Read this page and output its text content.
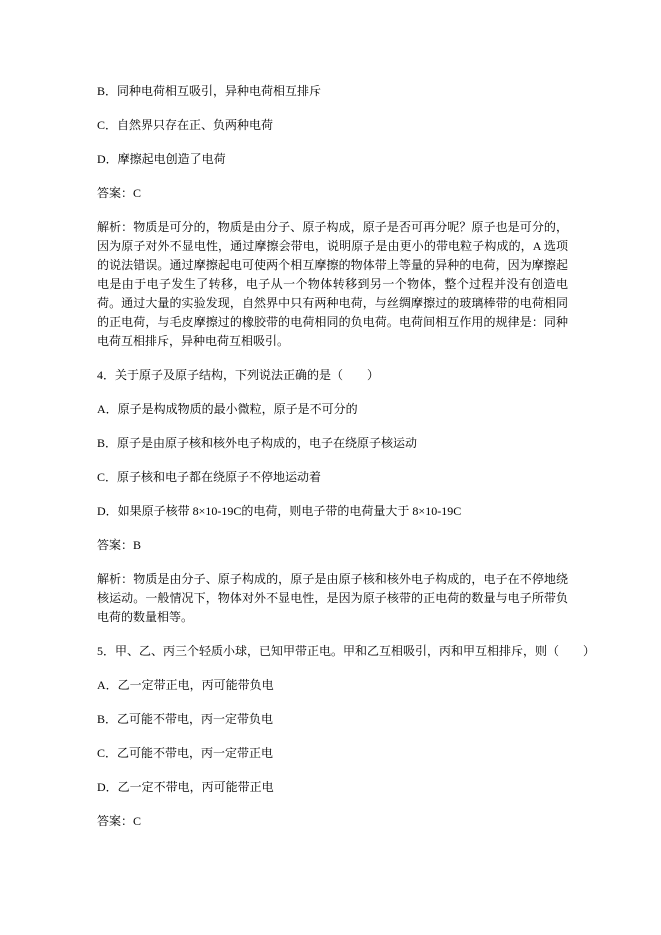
B．同种电荷相互吸引，异种电荷相互排斥
C．自然界只存在正、负两种电荷
D．摩擦起电创造了电荷
答案：C

解析：物质是可分的，物质是由分子、原子构成，原子是否可再分呢？原子也是可分的，因为原子对外不显电性，通过摩擦会带电，说明原子是由更小的带电粒子构成的，A 选项的说法错误。通过摩擦起电可使两个相互摩擦的物体带上等量的异种的电荷，因为摩擦起电是由于电子发生了转移，电子从一个物体转移到另一个物体，整个过程并没有创造电荷。通过大量的实验发现，自然界中只有两种电荷，与丝绸摩擦过的玻璃棒带的电荷相同的正电荷，与毛皮摩擦过的橡胶带的电荷相同的负电荷。电荷间相互作用的规律是：同种电荷互相排斥，异种电荷互相吸引。

4．关于原子及原子结构，下列说法正确的是（　　）
A．原子是构成物质的最小微粒，原子是不可分的
B．原子是由原子核和核外电子构成的，电子在绕原子核运动
C．原子核和电子都在绕原子不停地运动着
D．如果原子核带 8×10-19C的电荷，则电子带的电荷量大于 8×10-19C
答案：B

解析：物质是由分子、原子构成的，原子是由原子核和核外电子构成的，电子在不停地绕核运动。一般情况下，物体对外不显电性，是因为原子核带的正电荷的数量与电子所带负电荷的数量相等。

5．甲、乙、丙三个轻质小球，已知甲带正电。甲和乙互相吸引，丙和甲互相排斥，则（　　）
A．乙一定带正电，丙可能带负电
B．乙可能不带电，丙一定带负电
C．乙可能不带电，丙一定带正电
D．乙一定不带电，丙可能带正电
答案：C
